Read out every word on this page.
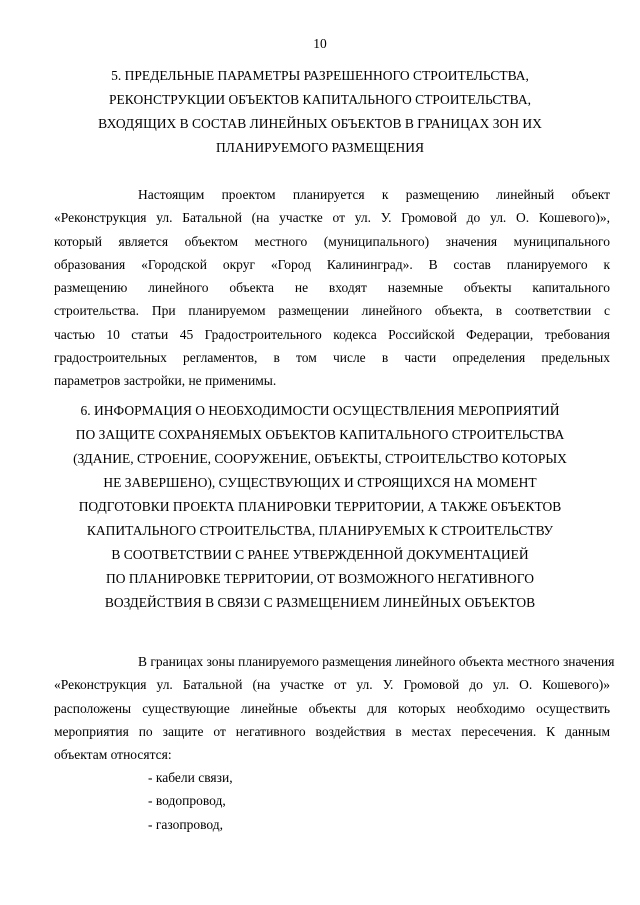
10
5. ПРЕДЕЛЬНЫЕ ПАРАМЕТРЫ РАЗРЕШЕННОГО СТРОИТЕЛЬСТВА,
РЕКОНСТРУКЦИИ ОБЪЕКТОВ КАПИТАЛЬНОГО СТРОИТЕЛЬСТВА,
ВХОДЯЩИХ В СОСТАВ ЛИНЕЙНЫХ ОБЪЕКТОВ В ГРАНИЦАХ ЗОН ИХ
ПЛАНИРУЕМОГО РАЗМЕЩЕНИЯ

Настоящим проектом планируется к размещению линейный объект
«Реконструкция ул. Батальной (на участке от ул. У. Громовой до ул. О. Кошевого)»,
который является объектом местного (муниципального) значения муниципального
образования «Городской округ «Город Калининград». В состав планируемого к
размещению линейного объекта не входят наземные объекты капитального
строительства. При планируемом размещении линейного объекта, в соответствии с
частью 10 статьи 45 Градостроительного кодекса Российской Федерации, требования
градостроительных регламентов, в том числе в части определения предельных
параметров застройки, не применимы.

6. ИНФОРМАЦИЯ О НЕОБХОДИМОСТИ ОСУЩЕСТВЛЕНИЯ МЕРОПРИЯТИЙ
ПО ЗАЩИТЕ СОХРАНЯЕМЫХ ОБЪЕКТОВ КАПИТАЛЬНОГО СТРОИТЕЛЬСТВА
(ЗДАНИЕ, СТРОЕНИЕ, СООРУЖЕНИЕ, ОБЪЕКТЫ, СТРОИТЕЛЬСТВО КОТОРЫХ
НЕ ЗАВЕРШЕНО), СУЩЕСТВУЮЩИХ И СТРОЯЩИХСЯ НА МОМЕНТ
ПОДГОТОВКИ ПРОЕКТА ПЛАНИРОВКИ ТЕРРИТОРИИ, А ТАКЖЕ ОБЪЕКТОВ
КАПИТАЛЬНОГО СТРОИТЕЛЬСТВА, ПЛАНИРУЕМЫХ К СТРОИТЕЛЬСТВУ
В СООТВЕТСТВИИ С РАНЕЕ УТВЕРЖДЕННОЙ ДОКУМЕНТАЦИЕЙ
ПО ПЛАНИРОВКЕ ТЕРРИТОРИИ, ОТ ВОЗМОЖНОГО НЕГАТИВНОГО
ВОЗДЕЙСТВИЯ В СВЯЗИ С РАЗМЕЩЕНИЕМ ЛИНЕЙНЫХ ОБЪЕКТОВ

В границах зоны планируемого размещения линейного объекта местного значения
«Реконструкция ул. Батальной (на участке от ул. У. Громовой до ул. О. Кошевого)»
расположены существующие линейные объекты для которых необходимо осуществить
мероприятия по защите от негативного воздействия в местах пересечения. К данным
объектам относятся:

- кабели связи,
- водопровод,
- газопровод,
